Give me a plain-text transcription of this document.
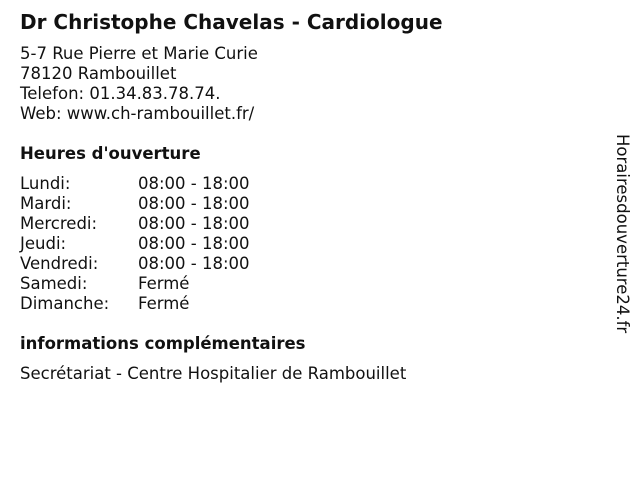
Dr Christophe Chavelas - Cardiologue
5-7 Rue Pierre et Marie Curie
78120 Rambouillet
Telefon: 01.34.83.78.74.
Web: www.ch-rambouillet.fr/
Heures d'ouverture
Lundi:	08:00 - 18:00
Mardi:	08:00 - 18:00
Mercredi:	08:00 - 18:00
Jeudi:	08:00 - 18:00
Vendredi:	08:00 - 18:00
Samedi:	Fermé
Dimanche:	Fermé
informations complémentaires
Secrétariat - Centre Hospitalier de Rambouillet
Horairesdouverture24.fr
